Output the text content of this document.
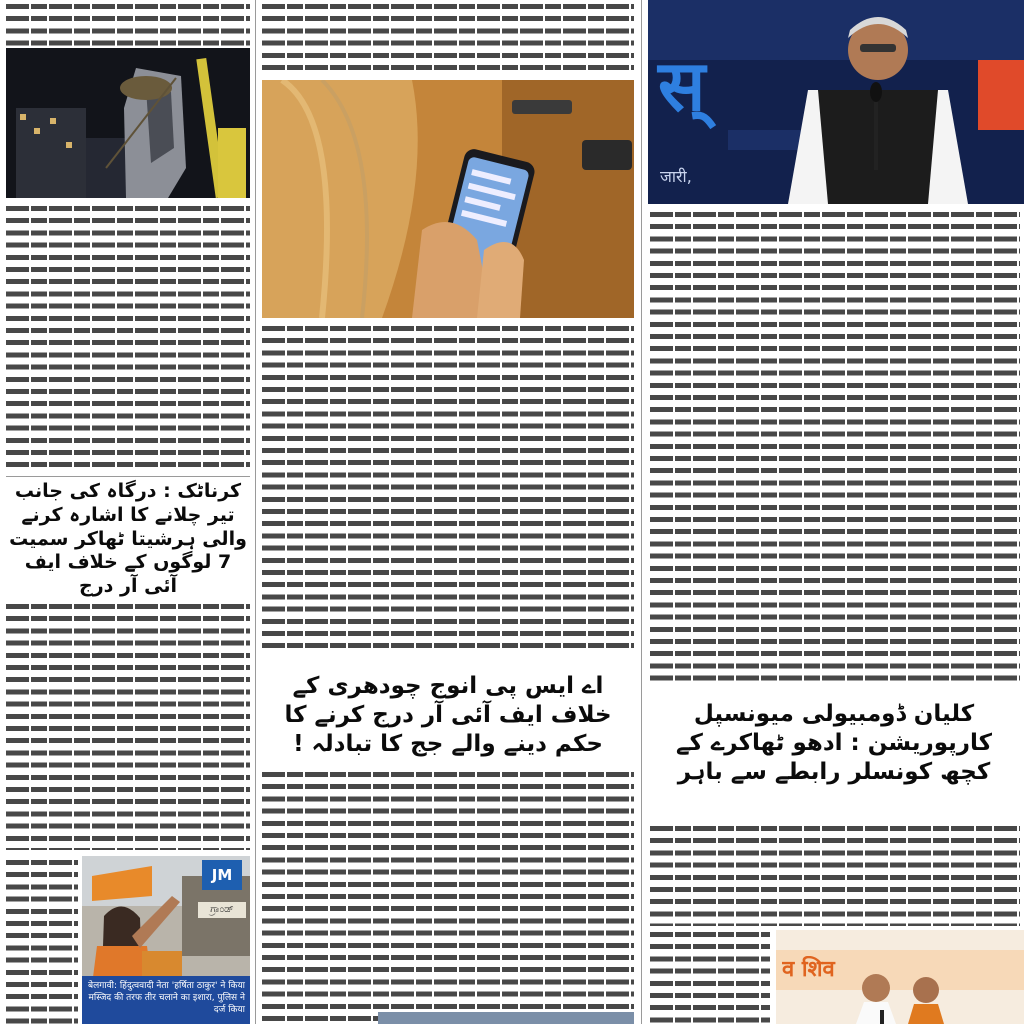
کرناٹک : درگاہ کی جانب تیر چلانے کا اشارہ کرنے والی ہرشیتا ٹھاکر سمیت 7 لوگوں کے خلاف ایف آئی آر درج
JM
ಗ್ರಾಂಡ್
बेलगावी: हिंदुत्ववादी नेता 'हर्षिता ठाकुर' ने किया मस्जिद की तरफ तीर चलाने का इशारा, पुलिस ने दर्ज किया
اے ایس پی انوج چودھری کے خلاف ایف آئی آر درج کرنے کا حکم دینے والے جج کا تبادلہ !
स्
जारी,
کلیان ڈومبیولی میونسپل کارپوریشن : ادھو ٹھاکرے کے کچھ کونسلر رابطے سے باہر
व शिव
